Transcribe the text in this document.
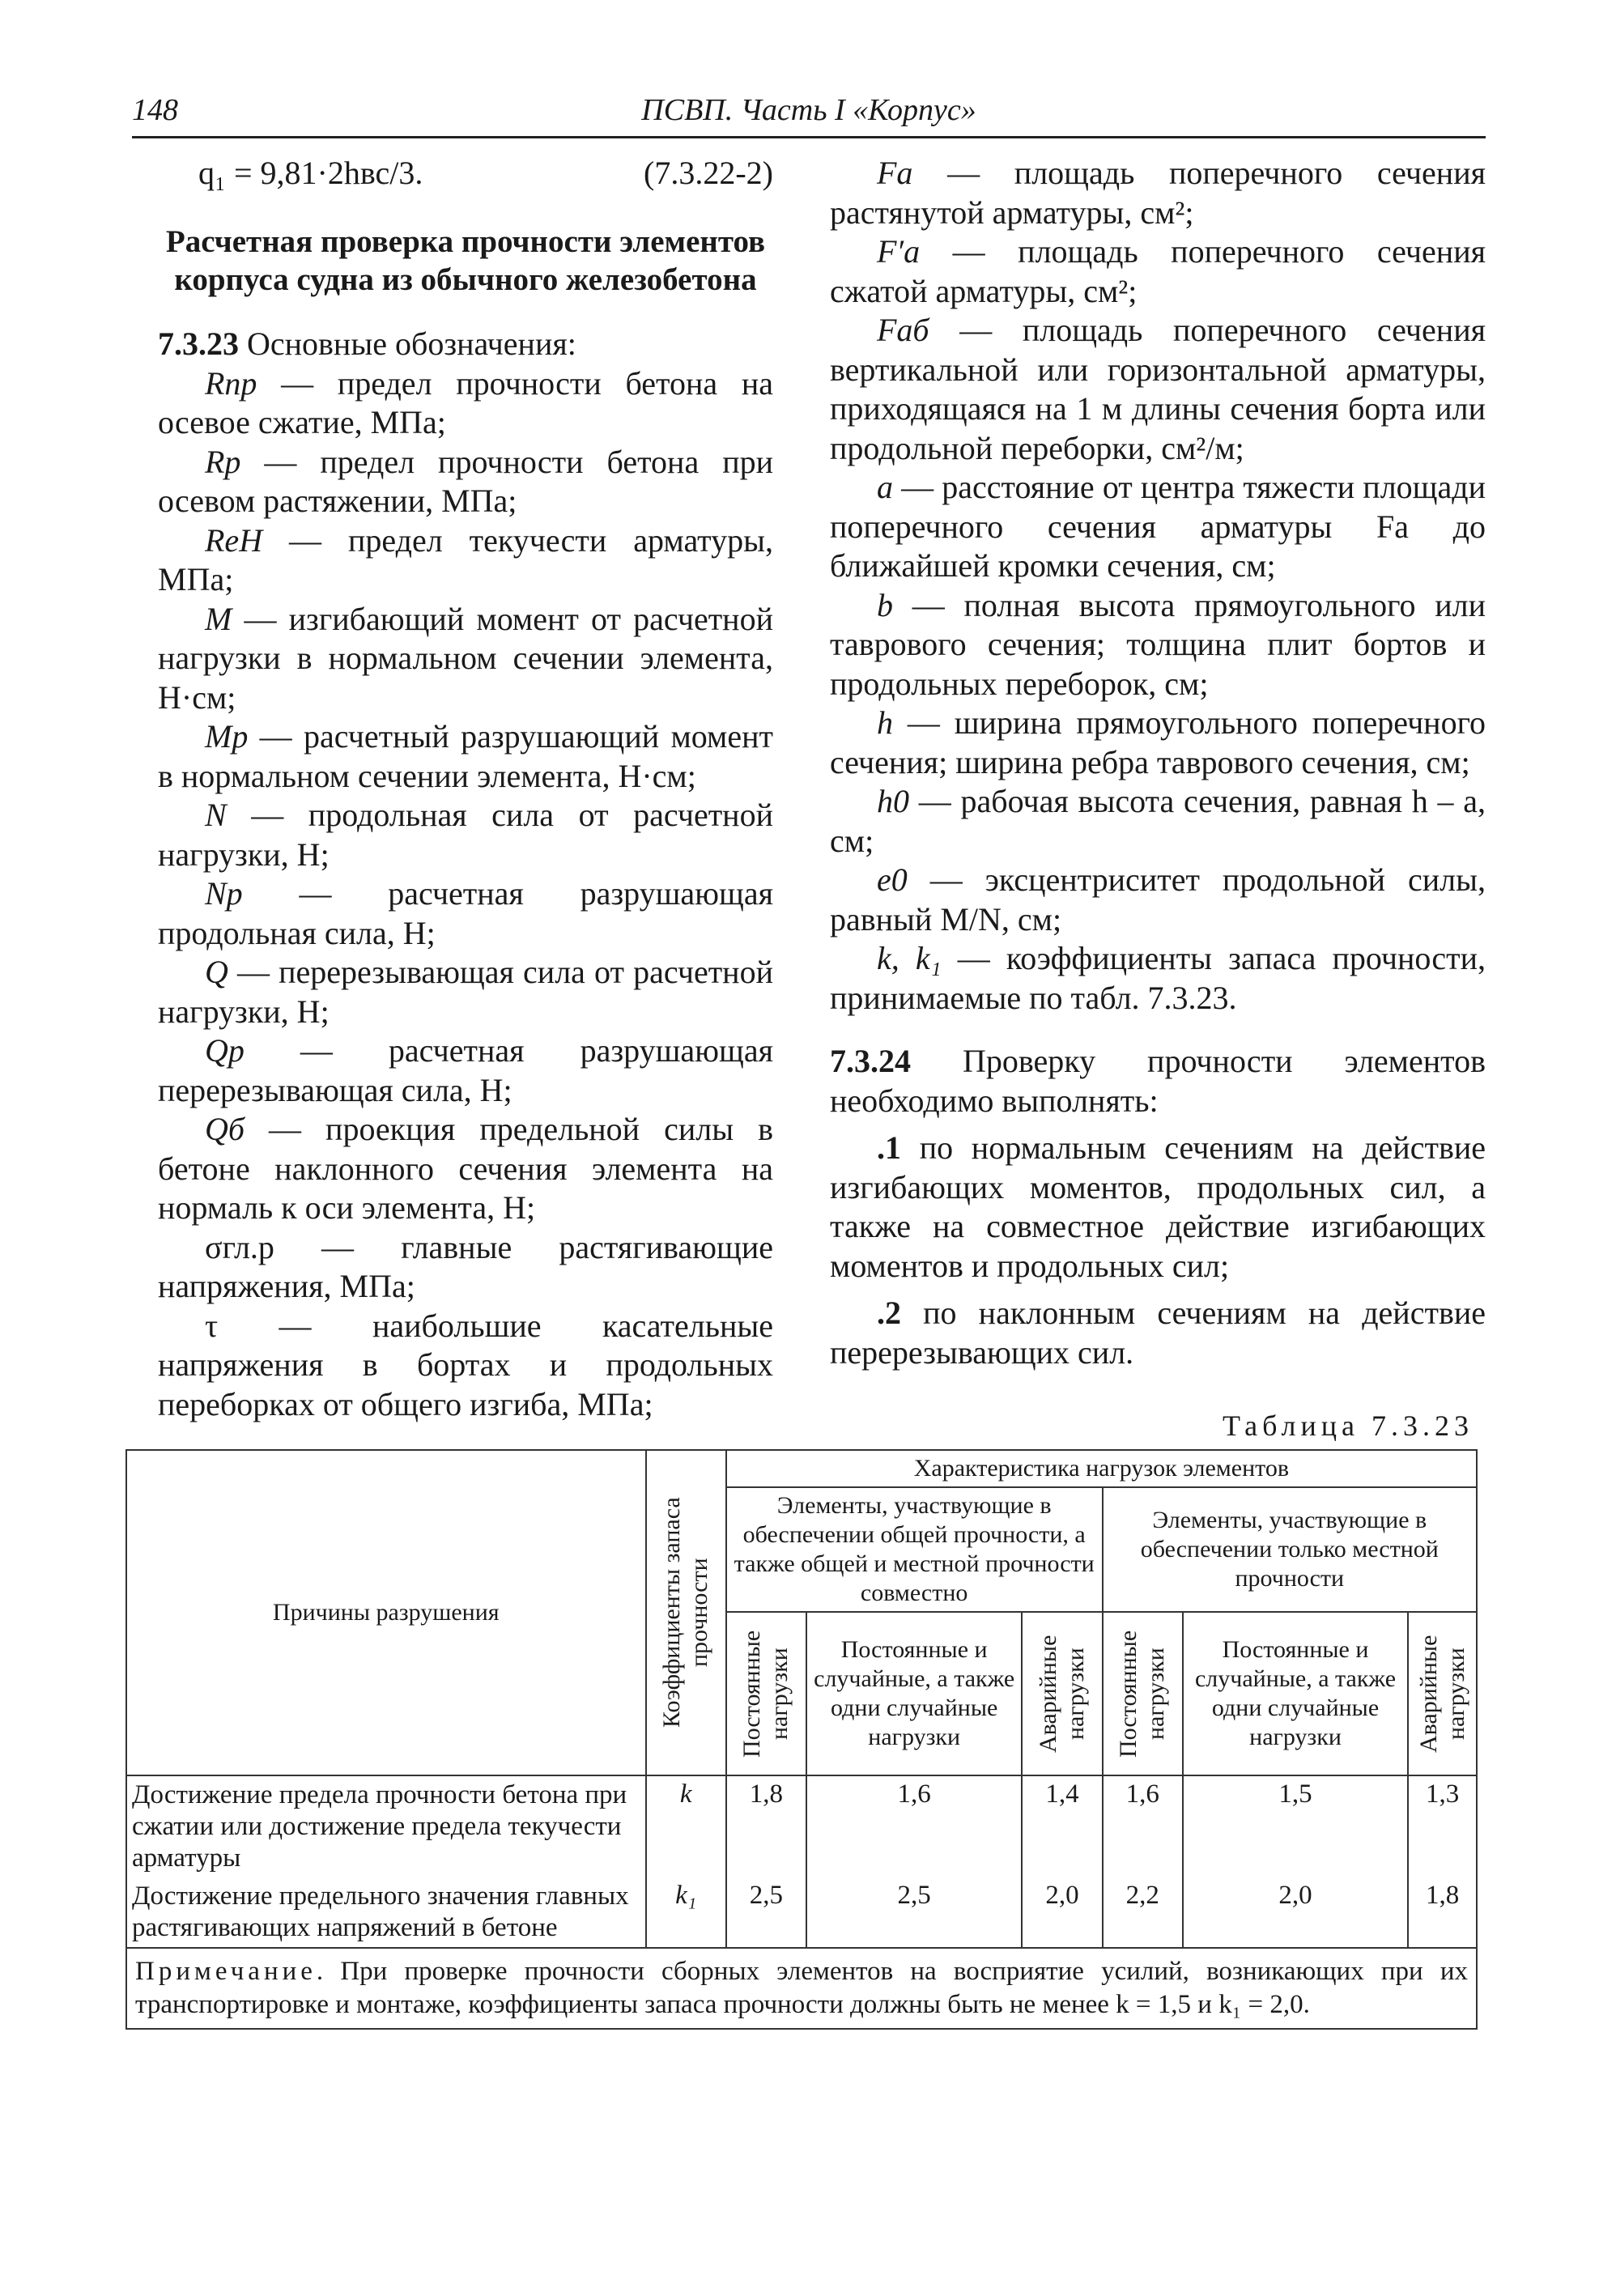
148	ПСВП. Часть I «Корпус»
q₁ = 9,81·2hвс/3.	(7.3.22-2)
Расчетная проверка прочности элементов корпуса судна из обычного железобетона

7.3.23 Основные обозначения:

Rпр — предел прочности бетона на осевое сжатие, МПа;

Rр — предел прочности бетона при осевом растяжении, МПа;

ReH — предел текучести арматуры, МПа;

M — изгибающий момент от расчетной нагрузки в нормальном сечении элемента, Н·см;

Mр — расчетный разрушающий момент в нормальном сечении элемента, Н·см;

N — продольная сила от расчетной нагрузки, Н;

Nр — расчетная разрушающая продольная сила, Н;

Q — перерезывающая сила от расчетной нагрузки, Н;

Qр — расчетная разрушающая перерезывающая сила, Н;

Qб — проекция предельной силы в бетоне наклонного сечения элемента на нормаль к оси элемента, Н;

σгл.р — главные растягивающие напряжения, МПа;

τ — наибольшие касательные напряжения в бортах и продольных переборках от общего изгиба, МПа;

Fа — площадь поперечного сечения растянутой арматуры, см²;

F′а — площадь поперечного сечения сжатой арматуры, см²;

Fаб — площадь поперечного сечения вертикальной или горизонтальной арматуры, приходящаяся на 1 м длины сечения борта или продольной переборки, см²/м;

a — расстояние от центра тяжести площади поперечного сечения арматуры Fа до ближайшей кромки сечения, см;

b — полная высота прямоугольного или таврового сечения; толщина плит бортов и продольных переборок, см;

h — ширина прямоугольного поперечного сечения; ширина ребра таврового сечения, см;

h0 — рабочая высота сечения, равная h – a, см;

e0 — эксцентриситет продольной силы, равный M/N, см;

k, k₁ — коэффициенты запаса прочности, принимаемые по табл. 7.3.23.

7.3.24 Проверку прочности элементов необходимо выполнять:

.1 по нормальным сечениям на действие изгибающих моментов, продольных сил, а также на совместное действие изгибающих моментов и продольных сил;

.2 по наклонным сечениям на действие перерезывающих сил.

Таблица 7.3.23
Причины разрушения	Коэффициенты запаса прочности	Характеристика нагрузок элементов					
		Элементы, участвующие в обеспечении общей прочности, а также общей и местной прочности совместно			Элементы, участвующие в обеспечении только местной прочности		

		Постоянные нагрузки	Постоянные и случайные, а также одни случайные нагрузки	Аварийные нагрузки	Постоянные нагрузки	Постоянные и случайные, а также одни случайные нагрузки	Аварийные нагрузки

Достижение предела прочности бетона при сжатии или достижение предела текучести арматуры	k	1,8	1,6	1,4	1,6	1,5	1,3
Достижение предельного значения главных растягивающих напряжений в бетоне	k₁	2,5	2,5	2,0	2,2	2,0	1,8
Примечание. При проверке прочности сборных элементов на восприятие усилий, возникающих при их транспортировке и монтаже, коэффициенты запаса прочности должны быть не менее k = 1,5 и k₁ = 2,0.							
